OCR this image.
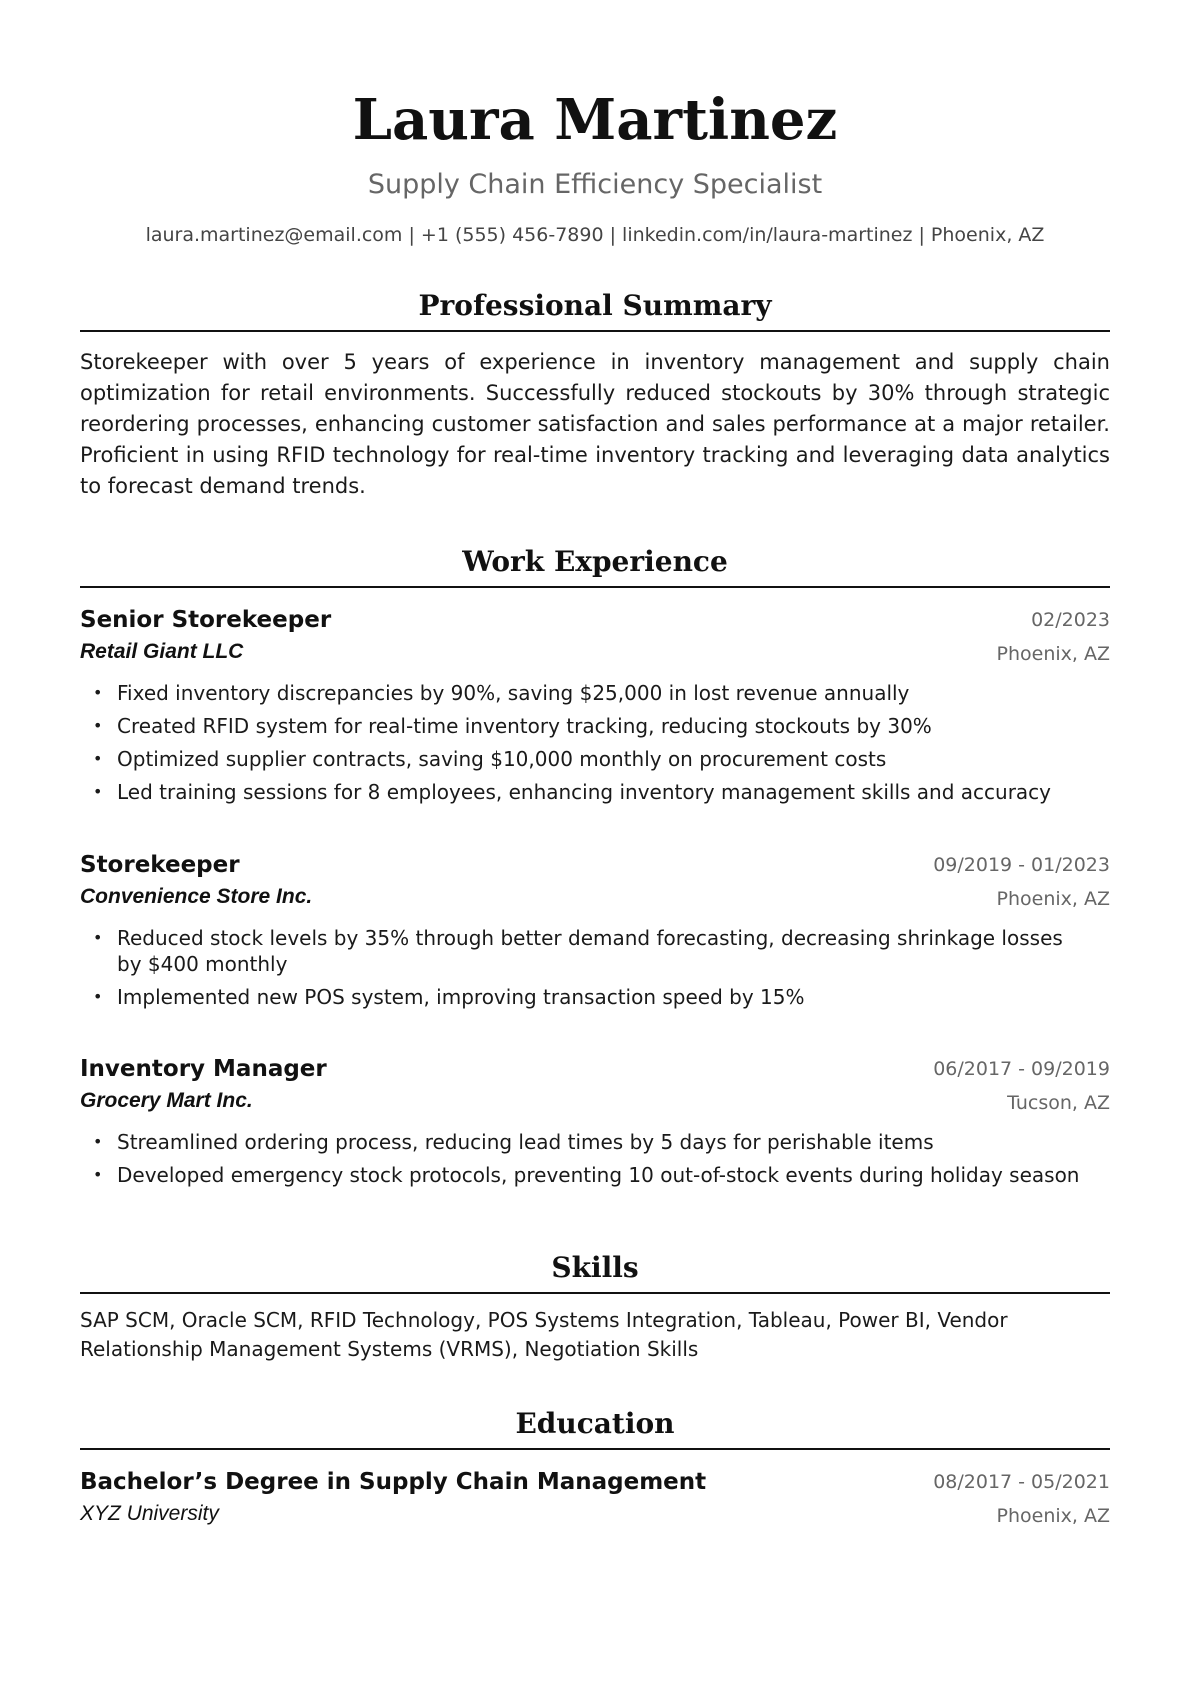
Laura Martinez
Supply Chain Efficiency Specialist
laura.martinez@email.com | +1 (555) 456-7890 | linkedin.com/in/laura-martinez | Phoenix, AZ
Professional Summary
Storekeeper with over 5 years of experience in inventory management and supply chain optimization for retail environments. Successfully reduced stockouts by 30% through strategic reordering processes, enhancing customer satisfaction and sales performance at a major retailer. Proficient in using RFID technology for real-time inventory tracking and leveraging data analytics to forecast demand trends.
Work Experience
Senior Storekeeper	02/2023
Retail Giant LLC	Phoenix, AZ
• Fixed inventory discrepancies by 90%, saving $25,000 in lost revenue annually
• Created RFID system for real-time inventory tracking, reducing stockouts by 30%
• Optimized supplier contracts, saving $10,000 monthly on procurement costs
• Led training sessions for 8 employees, enhancing inventory management skills and accuracy
Storekeeper	09/2019 - 01/2023
Convenience Store Inc.	Phoenix, AZ
• Reduced stock levels by 35% through better demand forecasting, decreasing shrinkage losses by $400 monthly
• Implemented new POS system, improving transaction speed by 15%
Inventory Manager	06/2017 - 09/2019
Grocery Mart Inc.	Tucson, AZ
• Streamlined ordering process, reducing lead times by 5 days for perishable items
• Developed emergency stock protocols, preventing 10 out-of-stock events during holiday season
Skills
SAP SCM, Oracle SCM, RFID Technology, POS Systems Integration, Tableau, Power BI, Vendor Relationship Management Systems (VRMS), Negotiation Skills
Education
Bachelor’s Degree in Supply Chain Management	08/2017 - 05/2021
XYZ University	Phoenix, AZ
